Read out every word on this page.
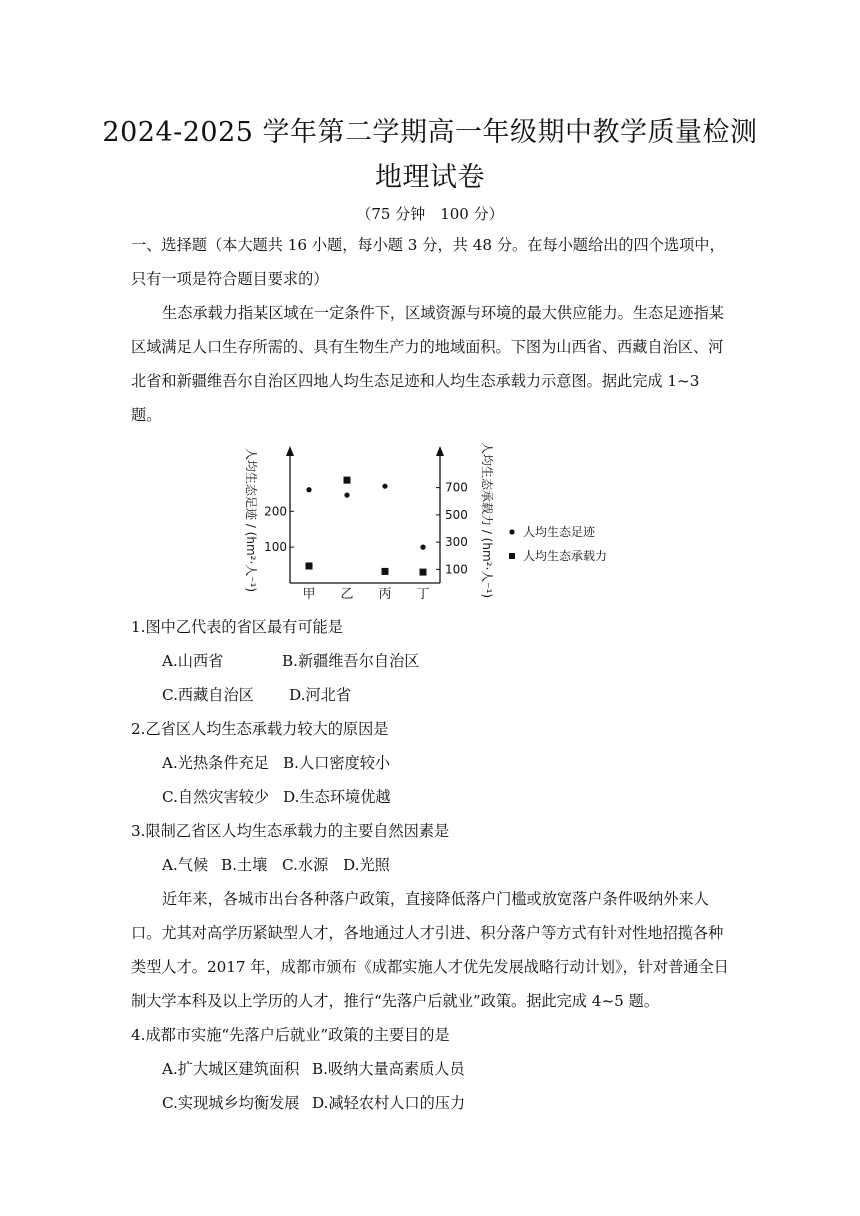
2024-2025 学年第二学期高一年级期中教学质量检测
地理试卷
（75 分钟　100 分）
一、选择题（本大题共 16 小题，每小题 3 分，共 48 分。在每小题给出的四个选项中，只有一项是符合题目要求的）
生态承载力指某区域在一定条件下，区域资源与环境的最大供应能力。生态足迹指某区域满足人口生存所需的、具有生物生产力的地域面积。下图为山西省、西藏自治区、河北省和新疆维吾尔自治区四地人均生态足迹和人均生态承载力示意图。据此完成 1~3 题。
人均生态足迹 / (hm²·人⁻¹)	人均生态承载力 / (hm²·人⁻¹)
100
200
100
300
500
700
甲 乙 丙 丁
人均生态足迹
人均生态承载力
1.图中乙代表的省区最有可能是
A.山西省	B.新疆维吾尔自治区
C.西藏自治区 D.河北省
2.乙省区人均生态承载力较大的原因是
A.光热条件充足 B.人口密度较小
C.自然灾害较少 D.生态环境优越
3.限制乙省区人均生态承载力的主要自然因素是
A.气候 B.土壤 C.水源 D.光照
近年来，各城市出台各种落户政策，直接降低落户门槛或放宽落户条件吸纳外来人口。尤其对高学历紧缺型人才，各地通过人才引进、积分落户等方式有针对性地招揽各种类型人才。2017 年，成都市颁布《成都实施人才优先发展战略行动计划》，针对普通全日制大学本科及以上学历的人才，推行“先落户后就业”政策。据此完成 4~5 题。
4.成都市实施“先落户后就业”政策的主要目的是
A.扩大城区建筑面积 B.吸纳大量高素质人员
C.实现城乡均衡发展 D.减轻农村人口的压力
